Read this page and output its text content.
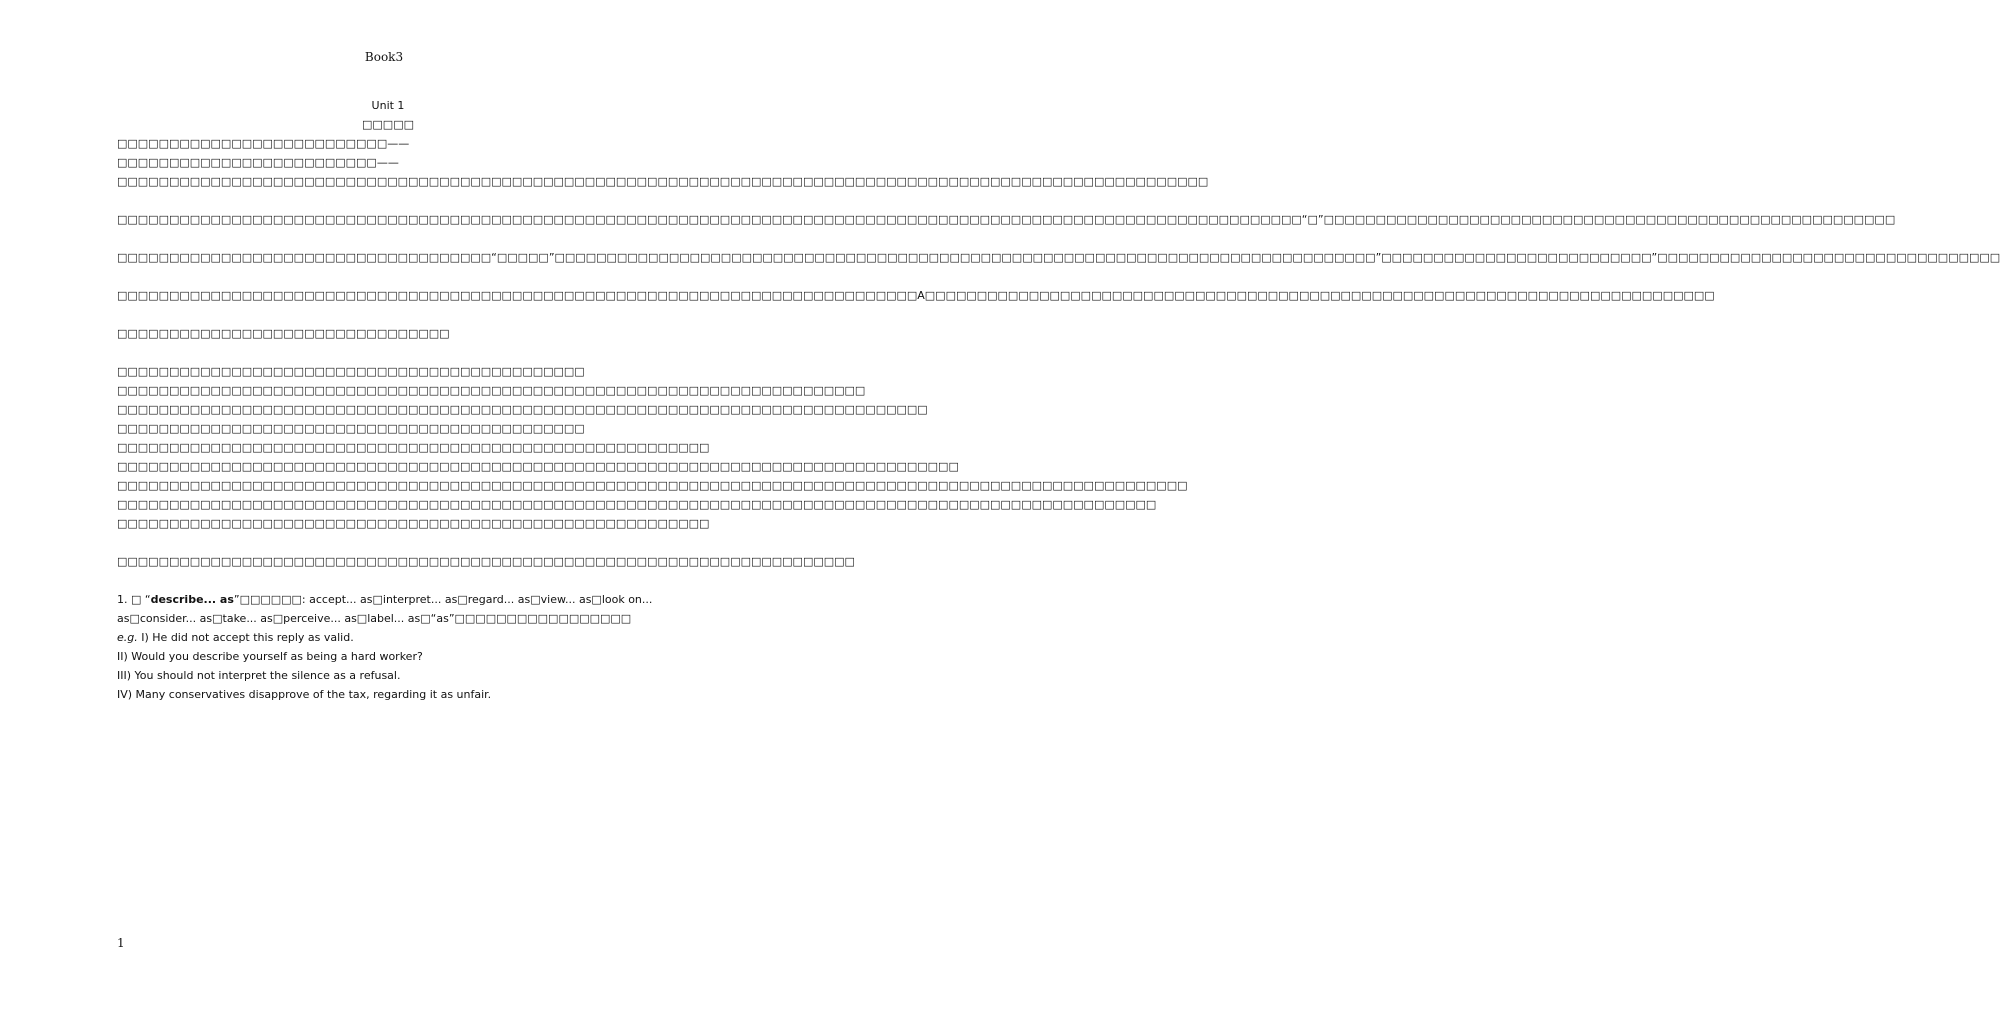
Book3

Unit 1

□□□□□

□□□□□□□□□□□□□□□□□□□□□□□□□□——□□□□□□□□□□□□□□□□□□□□□□□□□——□□□□□□□□□□□□□□□□□□□□□□□□□□□□□□□□□□□□□□□□□□□□□□□□□□□□□□□□□□□□□□□□□□□□□□□□□□□□□□□□□□□□□□□□□□□□□□□□□□□□□□□□□

□□□□□□□□□□□□□□□□□□□□□□□□□□□□□□□□□□□□□□□□□□□□□□□□□□□□□□□□□□□□□□□□□□□□□□□□□□□□□□□□□□□□□□□□□□□□□□□□□□□□□□□□□□□□□□□□□□“□”□□□□□□□□□□□□□□□□□□□□□□□□□□□□□□□□□□□□□□□□□□□□□□□□□□□□□□□

□□□□□□□□□□□□□□□□□□□□□□□□□□□□□□□□□□□□“□□□□□”□□□□□□□□□□□□□□□□□□□□□□□□□□□□□□□□□□□□□□□□□□□□□□□□□□□□□□□□□□□□□□□□□□□□□□□□□□□□□□□”□□□□□□□□□□□□□□□□□□□□□□□□□□”□□□□□□□□□□□□□□□□□□□□□□□□□□□□□□□□□

□□□□□□□□□□□□□□□□□□□□□□□□□□□□□□□□□□□□□□□□□□□□□□□□□□□□□□□□□□□□□□□□□□□□□□□□□□□□□A□□□□□□□□□□□□□□□□□□□□□□□□□□□□□□□□□□□□□□□□□□□□□□□□□□□□□□□□□□□□□□□□□□□□□□□□□□□□

□□□□□□□□□□□□□□□□□□□□□□□□□□□□□□□□

□□□□□□□□□□□□□□□□□□□□□□□□□□□□□□□□□□□□□□□□□□□□□

□□□□□□□□□□□□□□□□□□□□□□□□□□□□□□□□□□□□□□□□□□□□□□□□□□□□□□□□□□□□□□□□□□□□□□□□

□□□□□□□□□□□□□□□□□□□□□□□□□□□□□□□□□□□□□□□□□□□□□□□□□□□□□□□□□□□□□□□□□□□□□□□□□□□□□□

□□□□□□□□□□□□□□□□□□□□□□□□□□□□□□□□□□□□□□□□□□□□□

□□□□□□□□□□□□□□□□□□□□□□□□□□□□□□□□□□□□□□□□□□□□□□□□□□□□□□□□□

□□□□□□□□□□□□□□□□□□□□□□□□□□□□□□□□□□□□□□□□□□□□□□□□□□□□□□□□□□□□□□□□□□□□□□□□□□□□□□□□□

□□□□□□□□□□□□□□□□□□□□□□□□□□□□□□□□□□□□□□□□□□□□□□□□□□□□□□□□□□□□□□□□□□□□□□□□□□□□□□□□□□□□□□□□□□□□□□□□□□□□□□□

□□□□□□□□□□□□□□□□□□□□□□□□□□□□□□□□□□□□□□□□□□□□□□□□□□□□□□□□□□□□□□□□□□□□□□□□□□□□□□□□□□□□□□□□□□□□□□□□□□□□

□□□□□□□□□□□□□□□□□□□□□□□□□□□□□□□□□□□□□□□□□□□□□□□□□□□□□□□□□

□□□□□□□□□□□□□□□□□□□□□□□□□□□□□□□□□□□□□□□□□□□□□□□□□□□□□□□□□□□□□□□□□□□□□□□

1. □ “describe... as”□□□□□□: accept... as□interpret... as□regard... as□view... as□look on... as□consider... as□take... as□perceive... as□label... as□“as”□□□□□□□□□□□□□□□□□

e.g. I) He did not accept this reply as valid.

II) Would you describe yourself as being a hard worker?

III) You should not interpret the silence as a refusal.

IV) Many conservatives disapprove of the tax, regarding it as unfair.

1
